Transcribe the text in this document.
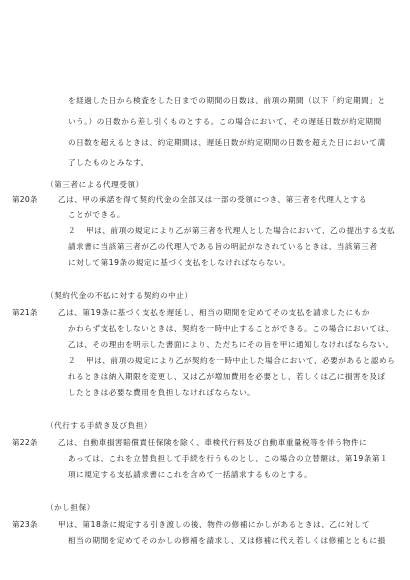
を経過した日から検査をした日までの期間の日数は、前項の期間（以下「約定期間」と
いう。）の日数から差し引くものとする。この場合において、その遅延日数が約定期間
の日数を超えるときは、約定期間は、遅延日数が約定期間の日数を超えた日において満
了したものとみなす。
（第三者による代理受領）
第20条	乙は、甲の承諾を得て契約代金の全部又は一部の受領につき、第三者を代理人とする
ことができる。
２ 甲は、前項の規定により乙が第三者を代理人とした場合において、乙の提出する支払
請求書に当該第三者が乙の代理人である旨の明記がなされているときは、当該第三者
に対して第19条の規定に基づく支払をしなければならない。
（契約代金の不払に対する契約の中止）
第21条	乙は、第19条に基づく支払を遅延し、相当の期間を定めてその支払を請求したにもか
かわらず支払をしないときは、契約を一時中止することができる。この場合においては、
乙は、その理由を明示した書面により、ただちにその旨を甲に通知しなければならない。
２ 甲は、前項の規定により乙が契約を一時中止した場合において、必要があると認めら
れるときは納入期限を変更し、又は乙が増加費用を必要とし、若しくは乙に損害を及ぼ
したときは必要な費用を負担しなければならない。
（代行する手続き及び負担）
第22条	乙は、自動車損害賠償責任保険を除く、車検代行料及び自動車重量税等を伴う物件に
あっては、これを立替負担して手続を行うものとし、この場合の立替額は、第19条第１
項に規定する支払請求書にこれを含めて一括請求するものとする。
（かし担保）
第23条	甲は、第18条に規定する引き渡しの後、物件の修補にかしがあるときは、乙に対して
相当の期間を定めてそのかしの修補を請求し、又は修補に代え若しくは修補とともに損
